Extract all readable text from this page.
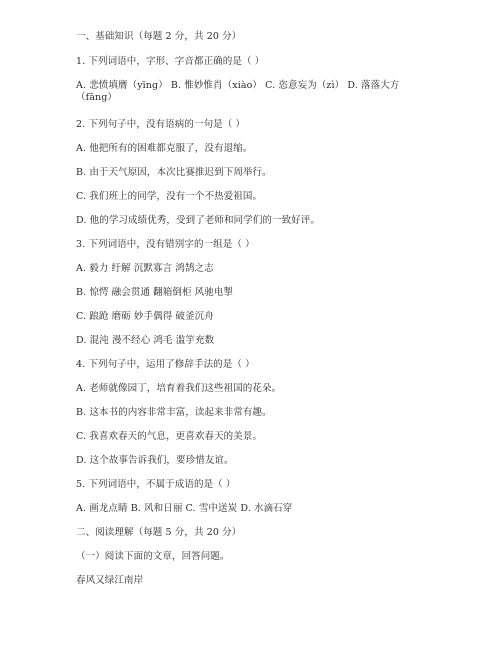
一、基础知识（每题 2 分，共 20 分）
1. 下列词语中，字形、字音都正确的是（ ）
A. 悲愤填膺（yīng） B. 惟妙惟肖（xiào） C. 恣意妄为（zì） D. 落落大方（fāng）
2. 下列句子中，没有语病的一句是（ ）
A. 他把所有的困难都克服了，没有退缩。
B. 由于天气原因，本次比赛推迟到下周举行。
C. 我们班上的同学，没有一个不热爱祖国。
D. 他的学习成绩优秀，受到了老师和同学们的一致好评。
3. 下列词语中，没有错别字的一组是（ ）
A. 毅力 纡解 沉默寡言 鸿鹄之志
B. 惊愕 融会贯通 翻箱倒柜 风驰电掣
C. 踉跄 磨砺 妙手偶得 破釜沉舟
D. 混沌 漫不经心 鸿毛 滥竽充数
4. 下列句子中，运用了修辞手法的是（ ）
A. 老师就像园丁，培育着我们这些祖国的花朵。
B. 这本书的内容非常丰富，读起来非常有趣。
C. 我喜欢春天的气息，更喜欢春天的美景。
D. 这个故事告诉我们，要珍惜友谊。
5. 下列词语中，不属于成语的是（ ）
A. 画龙点睛 B. 风和日丽 C. 雪中送炭 D. 水滴石穿
二、阅读理解（每题 5 分，共 20 分）
（一）阅读下面的文章，回答问题。
春风又绿江南岸
